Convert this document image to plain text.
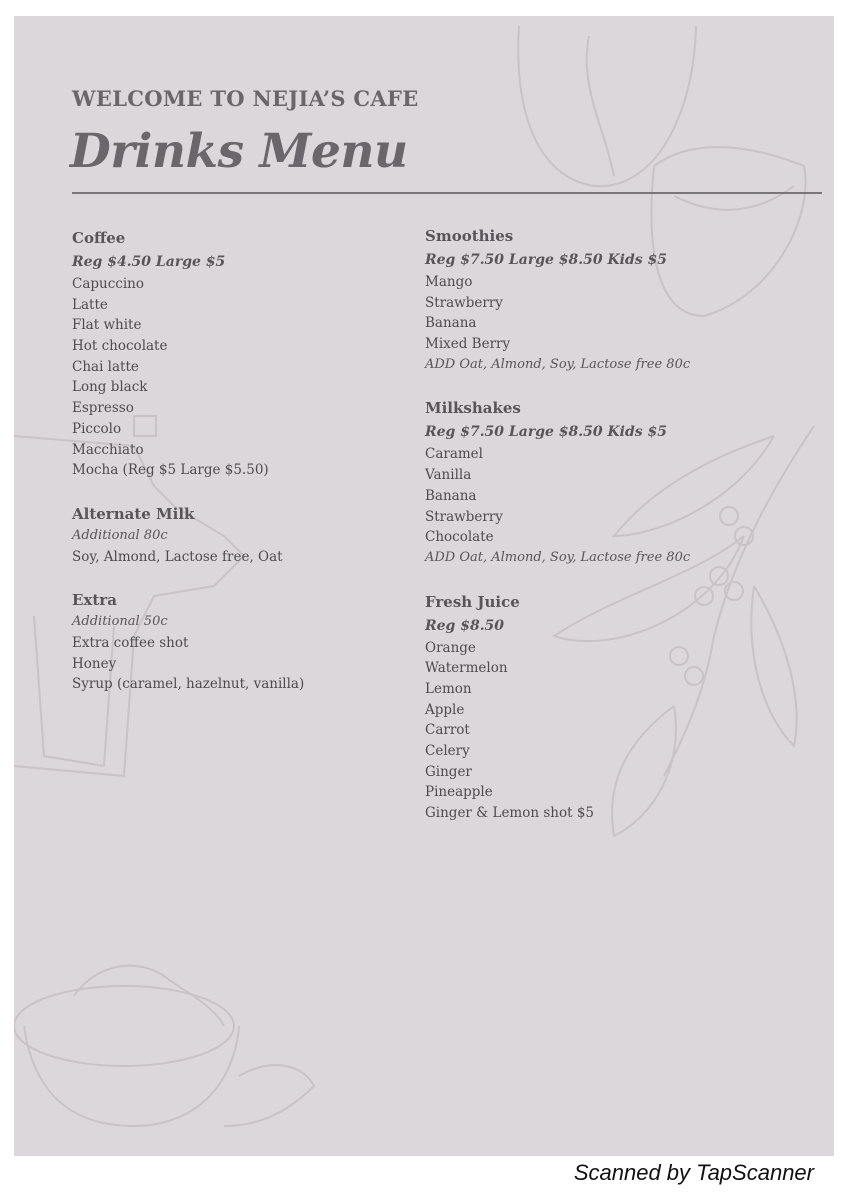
WELCOME TO NEJIA’S CAFE
Drinks Menu
Coffee
Reg $4.50 Large $5
Capuccino
Latte
Flat white
Hot chocolate
Chai latte
Long black
Espresso
Piccolo
Macchiato
Mocha (Reg $5 Large $5.50)
Alternate Milk
Additional 80c
Soy, Almond, Lactose free, Oat
Extra
Additional 50c
Extra coffee shot
Honey
Syrup (caramel, hazelnut, vanilla)
Smoothies
Reg $7.50 Large $8.50 Kids $5
Mango
Strawberry
Banana
Mixed Berry
ADD Oat, Almond, Soy, Lactose free 80c
Milkshakes
Reg $7.50 Large $8.50 Kids $5
Caramel
Vanilla
Banana
Strawberry
Chocolate
ADD Oat, Almond, Soy, Lactose free 80c
Fresh Juice
Reg $8.50
Orange
Watermelon
Lemon
Apple
Carrot
Celery
Ginger
Pineapple
Ginger & Lemon shot $5
Scanned by TapScanner
